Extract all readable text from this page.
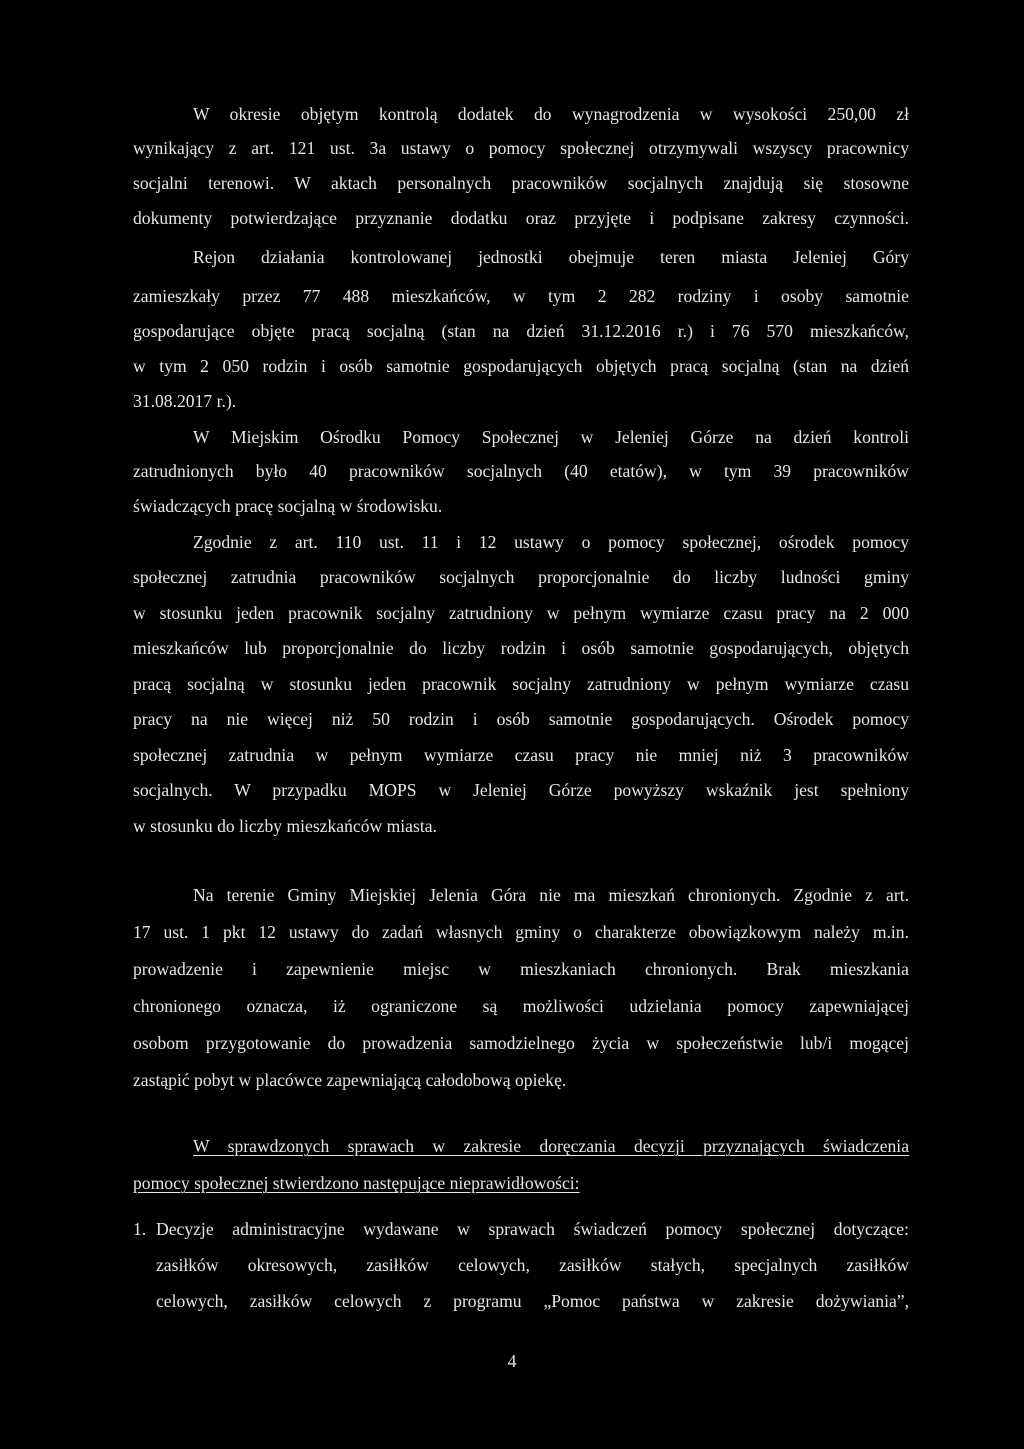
W okresie objętym kontrolą dodatek do wynagrodzenia w wysokości 250,00 zł
wynikający z art. 121 ust. 3a ustawy o pomocy społecznej otrzymywali wszyscy pracownicy
socjalni terenowi. W aktach personalnych pracowników socjalnych znajdują się stosowne
dokumenty potwierdzające przyznanie dodatku oraz przyjęte i podpisane zakresy czynności.
Rejon działania kontrolowanej jednostki obejmuje teren miasta Jeleniej Góry
zamieszkały przez 77 488 mieszkańców, w tym 2 282 rodziny i osoby samotnie
gospodarujące objęte pracą socjalną (stan na dzień 31.12.2016 r.) i 76 570 mieszkańców,
w tym 2 050 rodzin i osób samotnie gospodarujących objętych pracą socjalną (stan na dzień
31.08.2017 r.).
W Miejskim Ośrodku Pomocy Społecznej w Jeleniej Górze na dzień kontroli
zatrudnionych było 40 pracowników socjalnych (40 etatów), w tym 39 pracowników
świadczących pracę socjalną w środowisku.
Zgodnie z art. 110 ust. 11 i 12 ustawy o pomocy społecznej, ośrodek pomocy
społecznej zatrudnia pracowników socjalnych proporcjonalnie do liczby ludności gminy
w stosunku jeden pracownik socjalny zatrudniony w pełnym wymiarze czasu pracy na 2 000
mieszkańców lub proporcjonalnie do liczby rodzin i osób samotnie gospodarujących, objętych
pracą socjalną w stosunku jeden pracownik socjalny zatrudniony w pełnym wymiarze czasu
pracy na nie więcej niż 50 rodzin i osób samotnie gospodarujących. Ośrodek pomocy
społecznej zatrudnia w pełnym wymiarze czasu pracy nie mniej niż 3 pracowników
socjalnych. W przypadku MOPS w Jeleniej Górze powyższy wskaźnik jest spełniony
w stosunku do liczby mieszkańców miasta.
Na terenie Gminy Miejskiej Jelenia Góra nie ma mieszkań chronionych. Zgodnie z art.
17 ust. 1 pkt 12 ustawy do zadań własnych gminy o charakterze obowiązkowym należy m.in.
prowadzenie i zapewnienie miejsc w mieszkaniach chronionych. Brak mieszkania
chronionego oznacza, iż ograniczone są możliwości udzielania pomocy zapewniającej
osobom przygotowanie do prowadzenia samodzielnego życia w społeczeństwie lub/i mogącej
zastąpić pobyt w placówce zapewniającą całodobową opiekę.
W sprawdzonych sprawach w zakresie doręczania decyzji przyznających świadczenia
pomocy społecznej stwierdzono następujące nieprawidłowości:
1. Decyzje administracyjne wydawane w sprawach świadczeń pomocy społecznej dotyczące:
zasiłków okresowych, zasiłków celowych, zasiłków stałych, specjalnych zasiłków
celowych, zasiłków celowych z programu „Pomoc państwa w zakresie dożywiania”,
4
